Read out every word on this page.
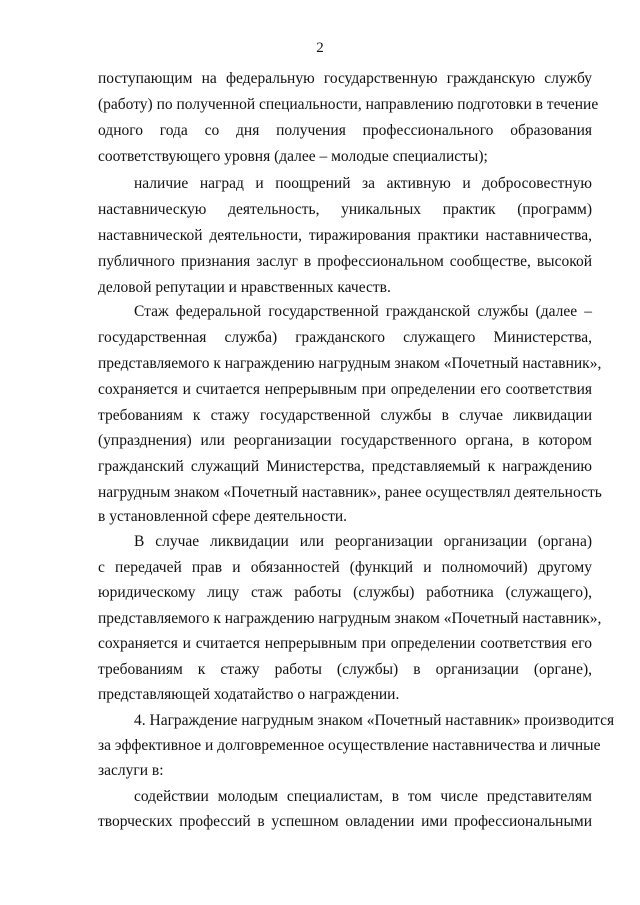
2
поступающим на федеральную государственную гражданскую службу
(работу) по полученной специальности, направлению подготовки в течение
одного года со дня получения профессионального образования
соответствующего уровня (далее – молодые специалисты);
наличие наград и поощрений за активную и добросовестную
наставническую деятельность, уникальных практик (программ)
наставнической деятельности, тиражирования практики наставничества,
публичного признания заслуг в профессиональном сообществе, высокой
деловой репутации и нравственных качеств.
Стаж федеральной государственной гражданской службы (далее –
государственная служба) гражданского служащего Министерства,
представляемого к награждению нагрудным знаком «Почетный наставник»,
сохраняется и считается непрерывным при определении его соответствия
требованиям к стажу государственной службы в случае ликвидации
(упразднения) или реорганизации государственного органа, в котором
гражданский служащий Министерства, представляемый к награждению
нагрудным знаком «Почетный наставник», ранее осуществлял деятельность
в установленной сфере деятельности.
В случае ликвидации или реорганизации организации (органа)
с передачей прав и обязанностей (функций и полномочий) другому
юридическому лицу стаж работы (службы) работника (служащего),
представляемого к награждению нагрудным знаком «Почетный наставник»,
сохраняется и считается непрерывным при определении соответствия его
требованиям к стажу работы (службы) в организации (органе),
представляющей ходатайство о награждении.
4. Награждение нагрудным знаком «Почетный наставник» производится
за эффективное и долговременное осуществление наставничества и личные
заслуги в:
содействии молодым специалистам, в том числе представителям
творческих профессий в успешном овладении ими профессиональными
